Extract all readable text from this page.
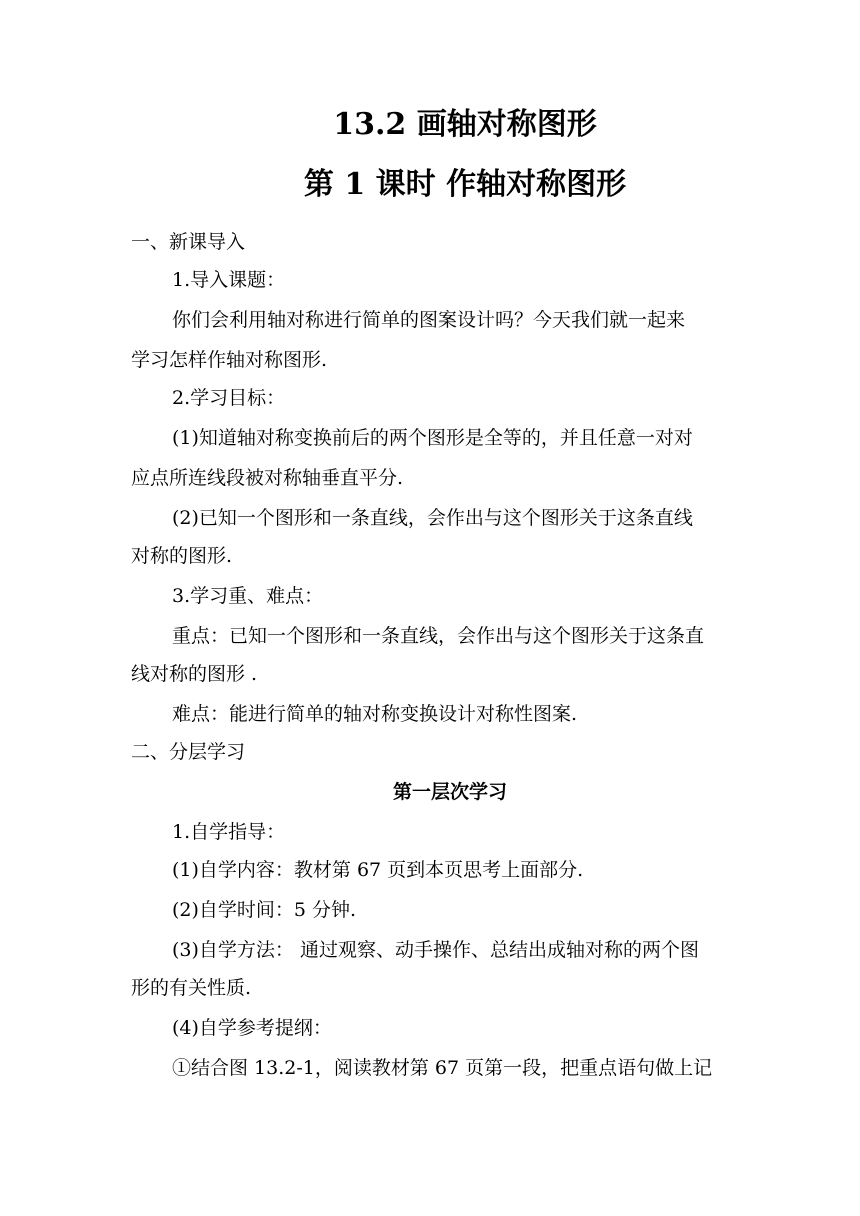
13.2 画轴对称图形
第 1 课时 作轴对称图形
一、新课导入
1.导入课题：
你们会利用轴对称进行简单的图案设计吗？今天我们就一起来
学习怎样作轴对称图形.
2.学习目标：
(1)知道轴对称变换前后的两个图形是全等的，并且任意一对对
应点所连线段被对称轴垂直平分.
(2)已知一个图形和一条直线，会作出与这个图形关于这条直线
对称的图形.
3.学习重、难点：
重点：已知一个图形和一条直线，会作出与这个图形关于这条直
线对称的图形 .
难点：能进行简单的轴对称变换设计对称性图案.
二、分层学习
第一层次学习
1.自学指导：
(1)自学内容：教材第 67 页到本页思考上面部分.
(2)自学时间：5 分钟.
(3)自学方法： 通过观察、动手操作、总结出成轴对称的两个图
形的有关性质.
(4)自学参考提纲：
①结合图 13.2-1，阅读教材第 67 页第一段，把重点语句做上记
